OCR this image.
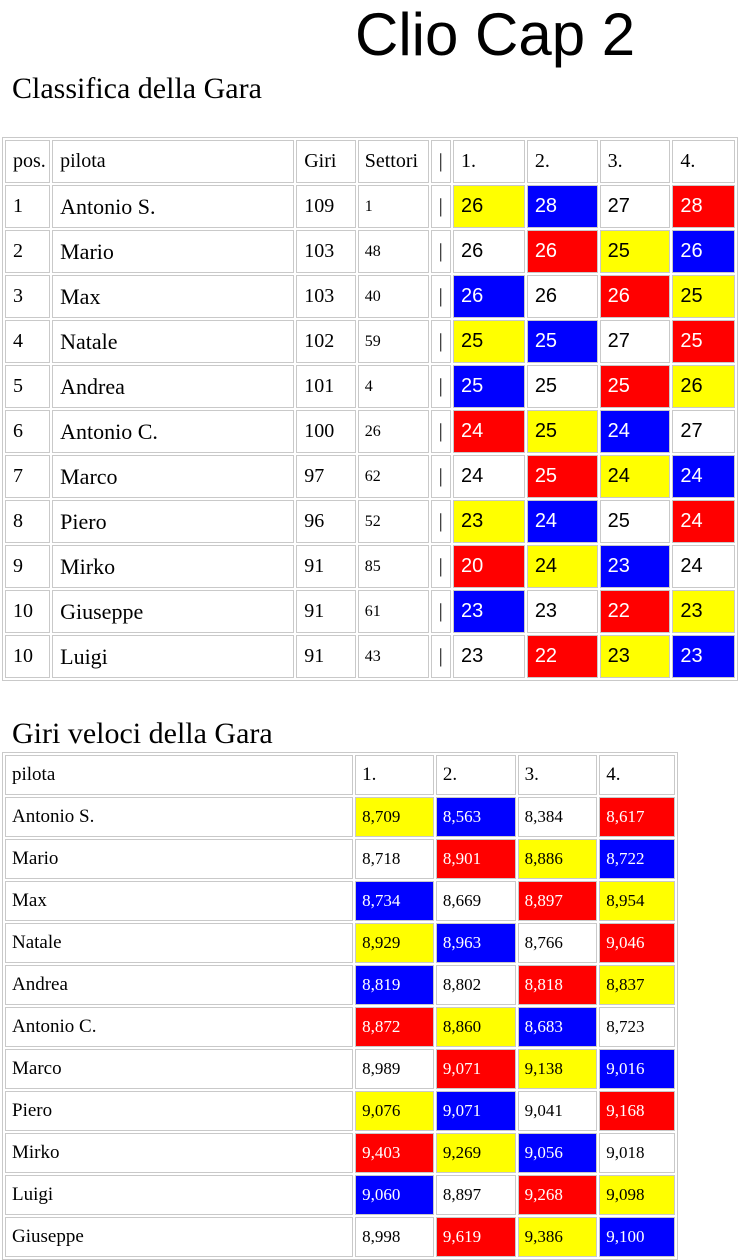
Clio Cap 2
Classifica della Gara
pos.	pilota	Giri	Settori	|	1.	2.	3.	4.
1	Antonio S.	109	1	|	26	28	27	28
2	Mario	103	48	|	26	26	25	26
3	Max	103	40	|	26	26	26	25
4	Natale	102	59	|	25	25	27	25
5	Andrea	101	4	|	25	25	25	26
6	Antonio C.	100	26	|	24	25	24	27
7	Marco	97	62	|	24	25	24	24
8	Piero	96	52	|	23	24	25	24
9	Mirko	91	85	|	20	24	23	24
10	Giuseppe	91	61	|	23	23	22	23
10	Luigi	91	43	|	23	22	23	23
Giri veloci della Gara
pilota	1.	2.	3.	4.
Antonio S.	8,709	8,563	8,384	8,617
Mario	8,718	8,901	8,886	8,722
Max	8,734	8,669	8,897	8,954
Natale	8,929	8,963	8,766	9,046
Andrea	8,819	8,802	8,818	8,837
Antonio C.	8,872	8,860	8,683	8,723
Marco	8,989	9,071	9,138	9,016
Piero	9,076	9,071	9,041	9,168
Mirko	9,403	9,269	9,056	9,018
Luigi	9,060	8,897	9,268	9,098
Giuseppe	8,998	9,619	9,386	9,100
